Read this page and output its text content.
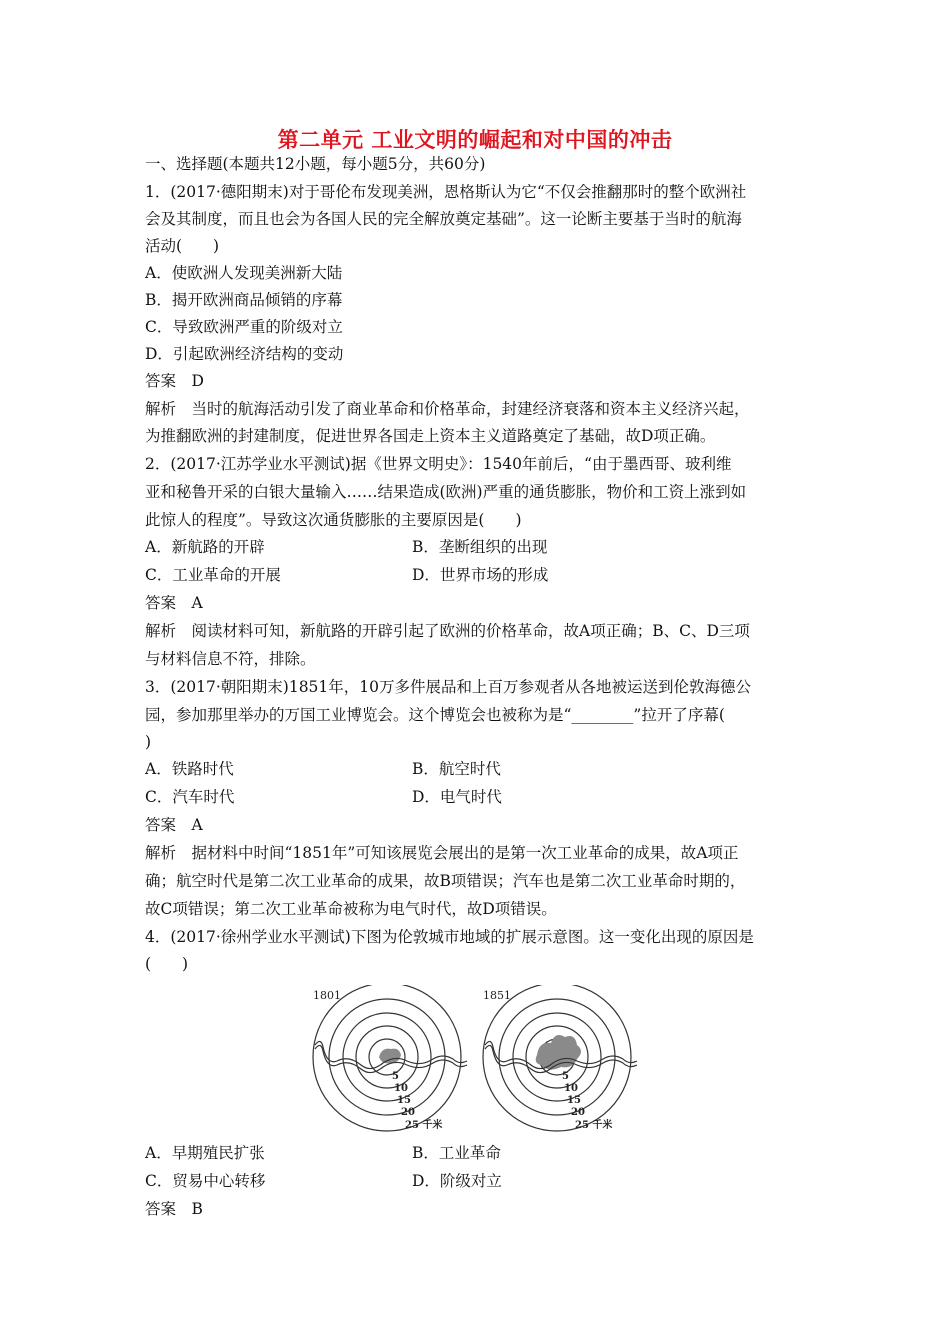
第二单元 工业文明的崛起和对中国的冲击
一、选择题(本题共12小题，每小题5分，共60分)
1．(2017·德阳期末)对于哥伦布发现美洲，恩格斯认为它“不仅会推翻那时的整个欧洲社
会及其制度，而且也会为各国人民的完全解放奠定基础”。这一论断主要基于当时的航海
活动(　　)
A．使欧洲人发现美洲新大陆
B．揭开欧洲商品倾销的序幕
C．导致欧洲严重的阶级对立
D．引起欧洲经济结构的变动
答案　D
解析　当时的航海活动引发了商业革命和价格革命，封建经济衰落和资本主义经济兴起，
为推翻欧洲的封建制度，促进世界各国走上资本主义道路奠定了基础，故D项正确。
2．(2017·江苏学业水平测试)据《世界文明史》：1540年前后，“由于墨西哥、玻利维
亚和秘鲁开采的白银大量输入……结果造成(欧洲)严重的通货膨胀，物价和工资上涨到如
此惊人的程度”。导致这次通货膨胀的主要原因是(　　)
A．新航路的开辟	B．垄断组织的出现
C．工业革命的开展	D．世界市场的形成
答案　A
解析　阅读材料可知，新航路的开辟引起了欧洲的价格革命，故A项正确；B、C、D三项
与材料信息不符，排除。
3．(2017·朝阳期末)1851年，10万多件展品和上百万参观者从各地被运送到伦敦海德公
园，参加那里举办的万国工业博览会。这个博览会也被称为是“________”拉开了序幕(
)
A．铁路时代	B．航空时代
C．汽车时代	D．电气时代
答案　A
解析　据材料中时间“1851年”可知该展览会展出的是第一次工业革命的成果，故A项正
确；航空时代是第二次工业革命的成果，故B项错误；汽车也是第二次工业革命时期的，
故C项错误；第二次工业革命被称为电气时代，故D项错误。
4．(2017·徐州学业水平测试)下图为伦敦城市地域的扩展示意图。这一变化出现的原因是
(　　)
1801
5
10
15
20
25 千米
1851
5
10
15
20
25 千米
A．早期殖民扩张	B．工业革命
C．贸易中心转移	D．阶级对立
答案　B
